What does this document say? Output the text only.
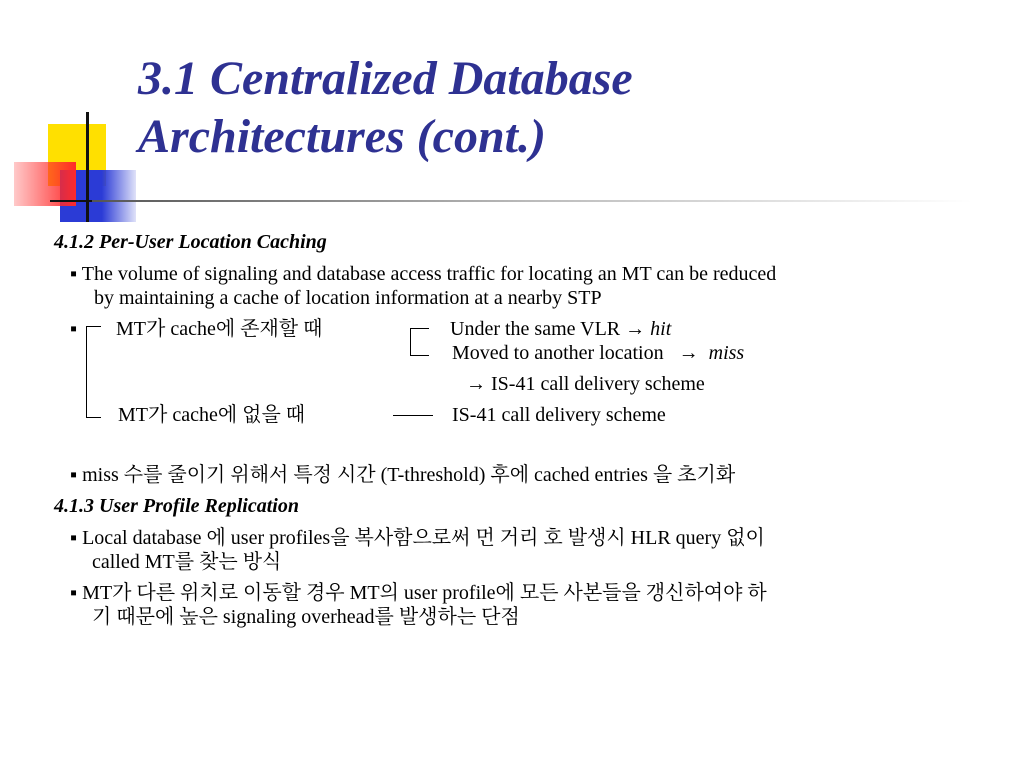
3.1 Centralized Database
Architectures (cont.)
4.1.2 Per-User Location Caching
▪ The volume of signaling and database access traffic for locating an MT can be reduced
by maintaining a cache of location information at a nearby STP
▪ MT가 cache에 존재할 때	Under the same VLR → hit
Moved to another location → miss
→ IS-41 call delivery scheme
MT가 cache에 없을 때	IS-41 call delivery scheme
▪ miss 수를 줄이기 위해서 특정 시간 (T-threshold) 후에 cached entries 을 초기화
4.1.3 User Profile Replication
▪ Local database 에 user profiles을 복사함으로써 먼 거리 호 발생시 HLR query 없이
called MT를 찾는 방식
▪ MT가 다른 위치로 이동할 경우 MT의 user profile에 모든 사본들을 갱신하여야 하
기 때문에 높은 signaling overhead를 발생하는 단점
